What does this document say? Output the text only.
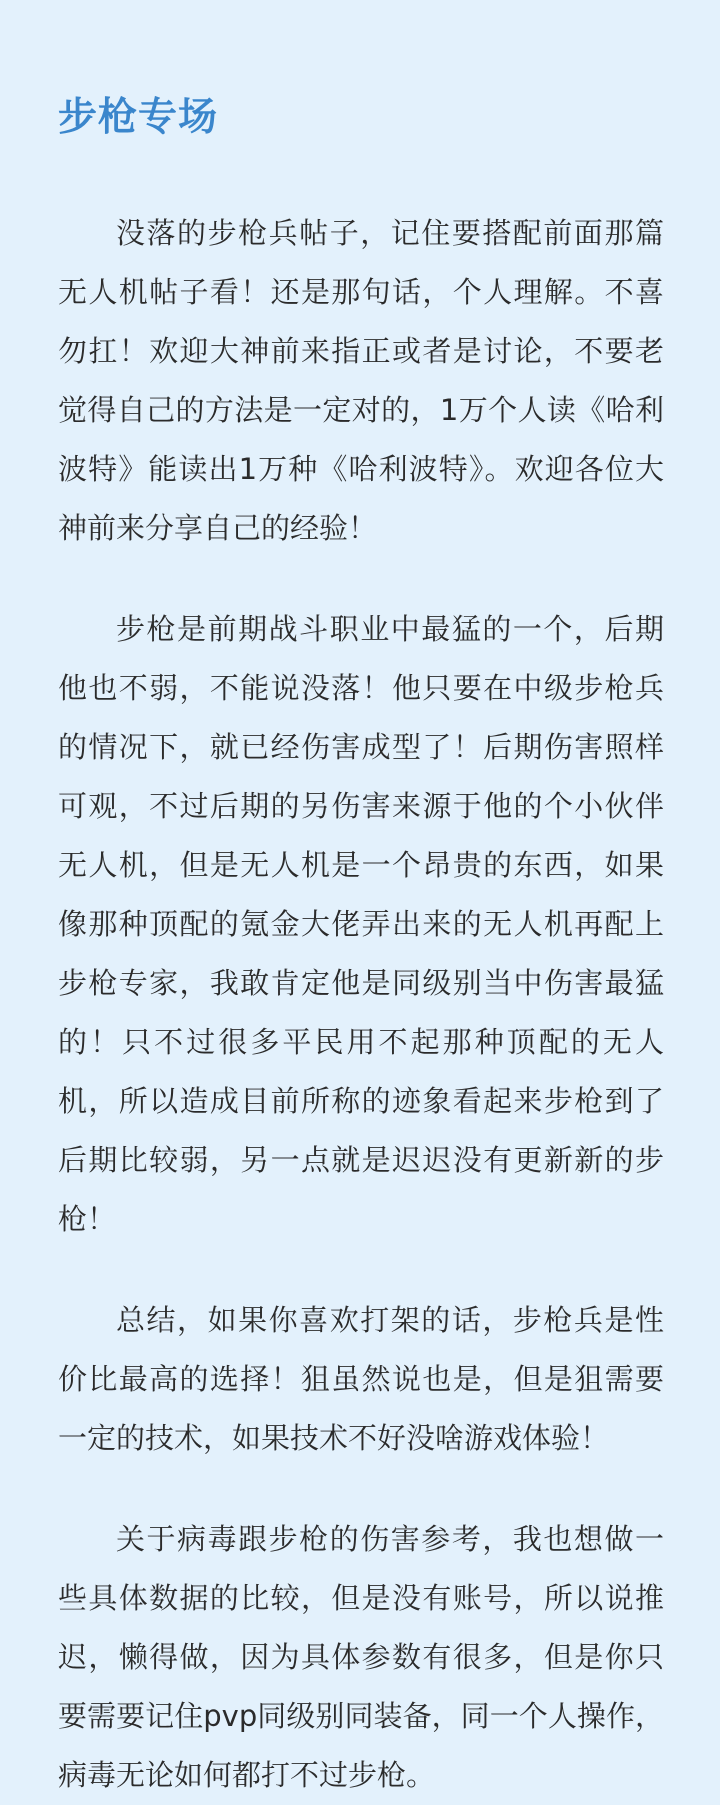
步枪专场

没落的步枪兵帖子，记住要搭配前面那篇无人机帖子看！还是那句话，个人理解。不喜勿扛！欢迎大神前来指正或者是讨论，不要老觉得自己的方法是一定对的，1万个人读《哈利波特》能读出1万种《哈利波特》。欢迎各位大神前来分享自己的经验！

步枪是前期战斗职业中最猛的一个，后期他也不弱，不能说没落！他只要在中级步枪兵的情况下，就已经伤害成型了！后期伤害照样可观，不过后期的另伤害来源于他的个小伙伴无人机，但是无人机是一个昂贵的东西，如果像那种顶配的氪金大佬弄出来的无人机再配上步枪专家，我敢肯定他是同级别当中伤害最猛的！只不过很多平民用不起那种顶配的无人机，所以造成目前所称的迹象看起来步枪到了后期比较弱，另一点就是迟迟没有更新新的步枪！

总结，如果你喜欢打架的话，步枪兵是性价比最高的选择！狙虽然说也是，但是狙需要一定的技术，如果技术不好没啥游戏体验！

关于病毒跟步枪的伤害参考，我也想做一些具体数据的比较，但是没有账号，所以说推迟，懒得做，因为具体参数有很多，但是你只要需要记住pvp同级别同装备，同一个人操作，病毒无论如何都打不过步枪。
